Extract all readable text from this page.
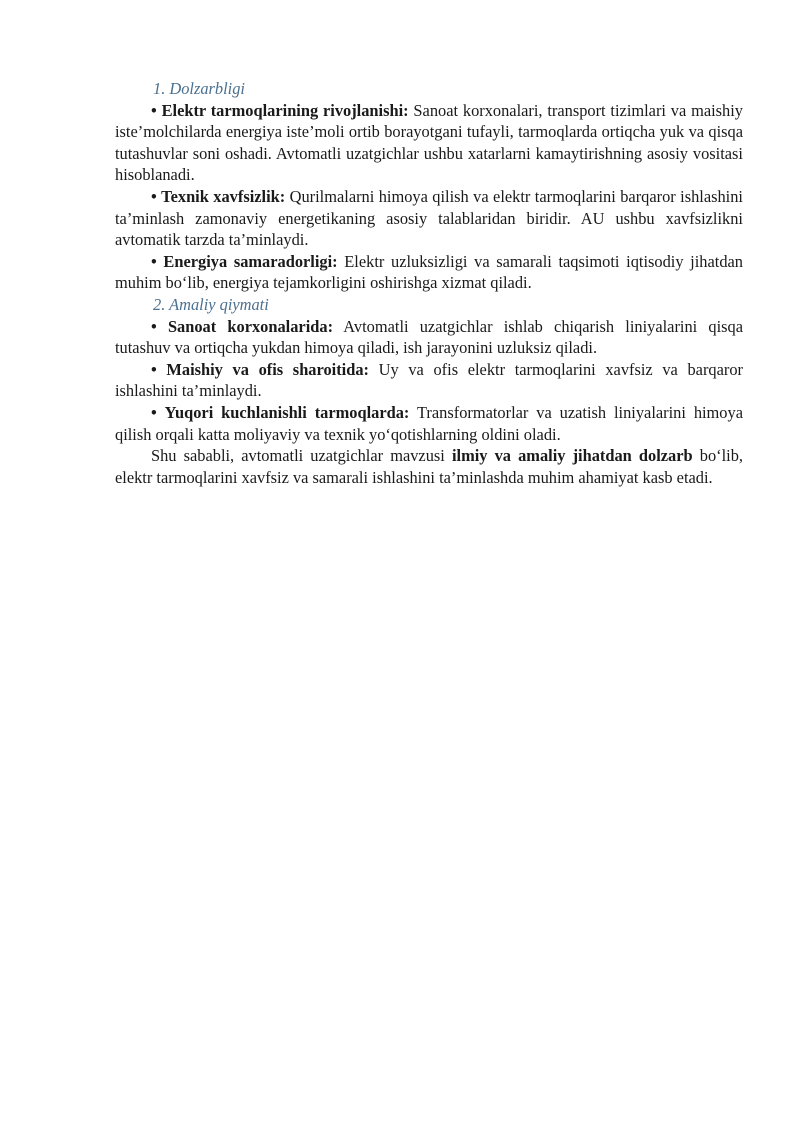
1. Dolzarbligi

• Elektr tarmoqlarining rivojlanishi: Sanoat korxonalari, transport tizimlari va maishiy iste’molchilarda energiya iste’moli ortib borayotgani tufayli, tarmoqlarda ortiqcha yuk va qisqa tutashuvlar soni oshadi. Avtomatli uzatgichlar ushbu xatarlarni kamaytirishning asosiy vositasi hisoblanadi.

• Texnik xavfsizlik: Qurilmalarni himoya qilish va elektr tarmoqlarini barqaror ishlashini ta’minlash zamonaviy energetikaning asosiy talablaridan biridir. AU ushbu xavfsizlikni avtomatik tarzda ta’minlaydi.

• Energiya samaradorligi: Elektr uzluksizligi va samarali taqsimoti iqtisodiy jihatdan muhim bo‘lib, energiya tejamkorligini oshirishga xizmat qiladi.

2. Amaliy qiymati

• Sanoat korxonalarida: Avtomatli uzatgichlar ishlab chiqarish liniyalarini qisqa tutashuv va ortiqcha yukdan himoya qiladi, ish jarayonini uzluksiz qiladi.

• Maishiy va ofis sharoitida: Uy va ofis elektr tarmoqlarini xavfsiz va barqaror ishlashini ta’minlaydi.

• Yuqori kuchlanishli tarmoqlarda: Transformatorlar va uzatish liniyalarini himoya qilish orqali katta moliyaviy va texnik yo‘qotishlarning oldini oladi.

Shu sababli, avtomatli uzatgichlar mavzusi ilmiy va amaliy jihatdan dolzarb bo‘lib, elektr tarmoqlarini xavfsiz va samarali ishlashini ta’minlashda muhim ahamiyat kasb etadi.
